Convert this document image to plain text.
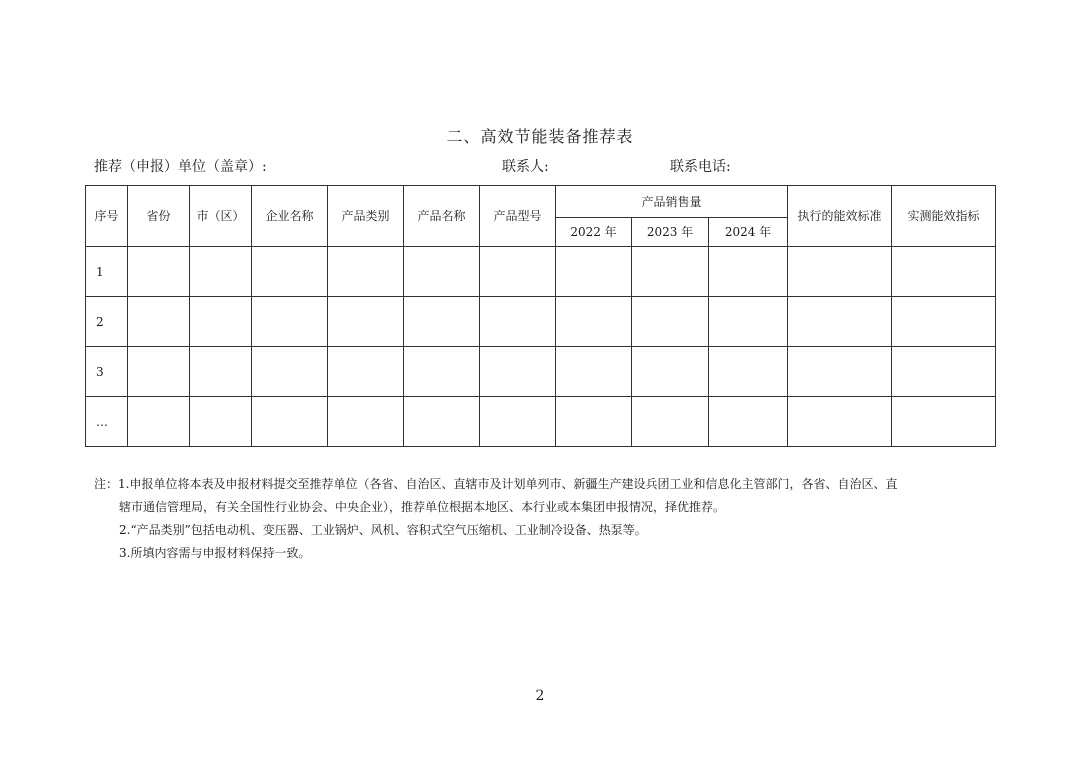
二、高效节能装备推荐表
推荐（申报）单位（盖章）:	联系人:	联系电话:
序号	省份	市（区）	企业名称	产品类别	产品名称	产品型号	产品销售量			执行的能效标准	实测能效指标
							2022 年	2023 年	2024 年		
1											
2											
3											
…											
注：1.申报单位将本表及申报材料提交至推荐单位（各省、自治区、直辖市及计划单列市、新疆生产建设兵团工业和信息化主管部门，各省、自治区、直
辖市通信管理局，有关全国性行业协会、中央企业），推荐单位根据本地区、本行业或本集团申报情况，择优推荐。
2.“产品类别”包括电动机、变压器、工业锅炉、风机、容积式空气压缩机、工业制冷设备、热泵等。
3.所填内容需与申报材料保持一致。
2
